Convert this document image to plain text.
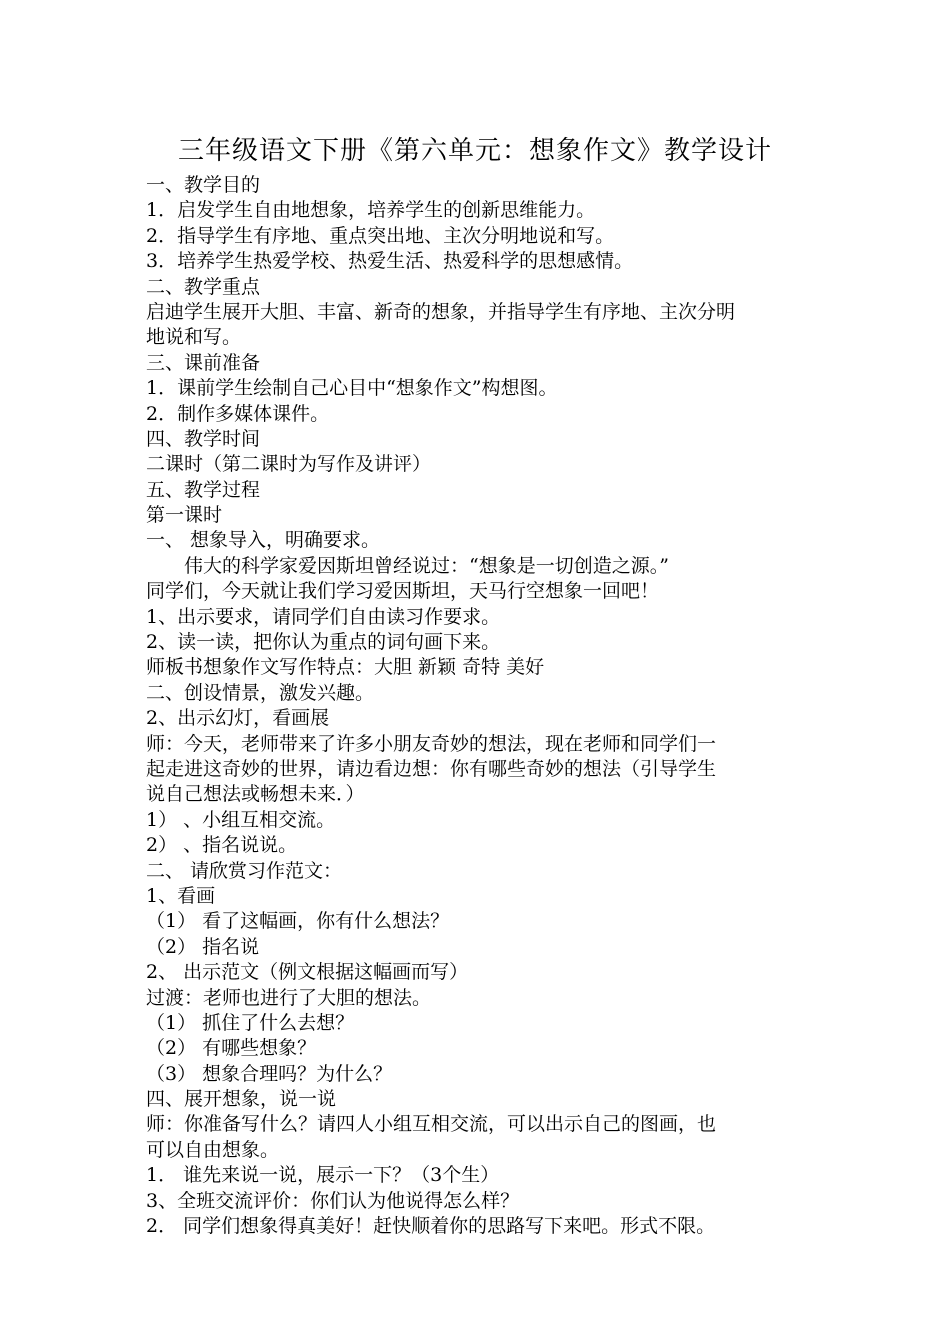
三年级语文下册《第六单元：想象作文》教学设计
一、教学目的
1．启发学生自由地想象，培养学生的创新思维能力。
2．指导学生有序地、重点突出地、主次分明地说和写。
3．培养学生热爱学校、热爱生活、热爱科学的思想感情。
二、教学重点
启迪学生展开大胆、丰富、新奇的想象，并指导学生有序地、主次分明
地说和写。
三、课前准备
1．课前学生绘制自己心目中“想象作文”构想图。
2．制作多媒体课件。
四、教学时间
二课时（第二课时为写作及讲评）
五、教学过程
第一课时
一、 想象导入，明确要求。
伟大的科学家爱因斯坦曾经说过：“想象是一切创造之源。”
同学们，今天就让我们学习爱因斯坦，天马行空想象一回吧！
1、出示要求，请同学们自由读习作要求。
2、读一读，把你认为重点的词句画下来。
师板书想象作文写作特点：大胆 新颖 奇特 美好
二、创设情景，激发兴趣。
2、出示幻灯，看画展
师：今天，老师带来了许多小朋友奇妙的想法，现在老师和同学们一
起走进这奇妙的世界，请边看边想：你有哪些奇妙的想法（引导学生
说自己想法或畅想未来．）
1） 、小组互相交流。
2） 、指名说说。
二、 请欣赏习作范文：
1、看画
（1） 看了这幅画，你有什么想法？
（2） 指名说
2、 出示范文（例文根据这幅画而写）
过渡：老师也进行了大胆的想法。
（1） 抓住了什么去想？
（2） 有哪些想象？
（3） 想象合理吗？为什么？
四、展开想象，说一说
师：你准备写什么？请四人小组互相交流，可以出示自己的图画，也
可以自由想象。
1． 谁先来说一说，展示一下？（3个生）
3、全班交流评价：你们认为他说得怎么样？
2． 同学们想象得真美好！赶快顺着你的思路写下来吧。形式不限。
